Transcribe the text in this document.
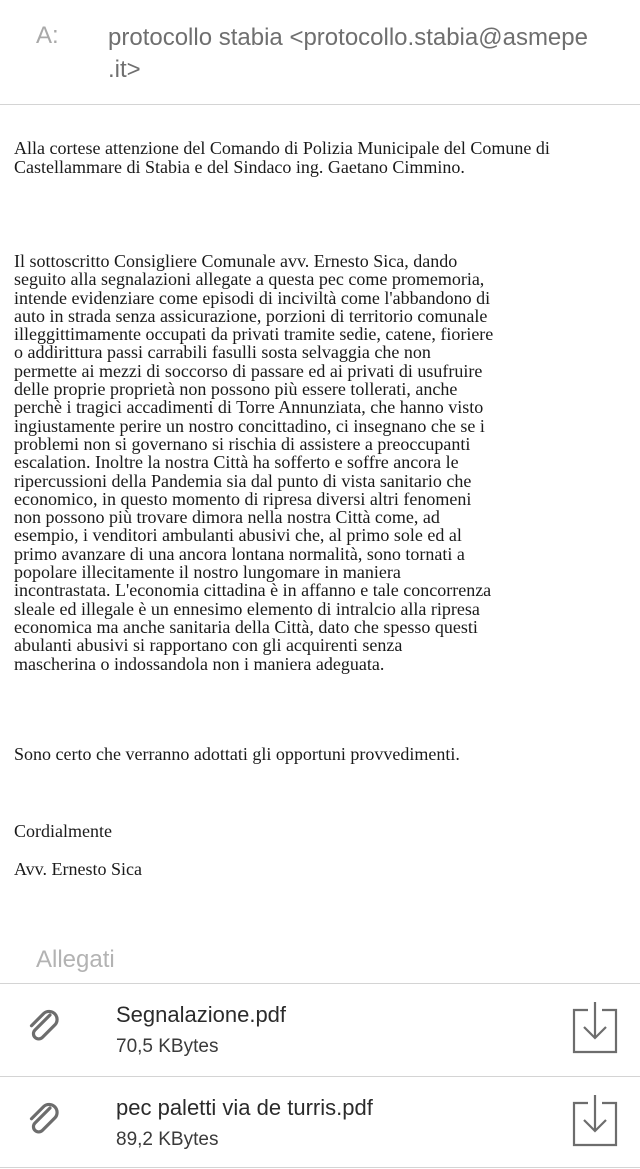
A: protocollo stabia <protocollo.stabia@asmepe
.it>
Alla cortese attenzione del Comando di Polizia Municipale del Comune di Castellammare di Stabia e del Sindaco ing. Gaetano Cimmino.
Il sottoscritto Consigliere Comunale avv. Ernesto Sica, dando
seguito alla segnalazioni allegate a questa pec come promemoria,
intende evidenziare come episodi di inciviltà come l'abbandono di
auto in strada senza assicurazione, porzioni di territorio comunale
illeggittimamente occupati da privati tramite sedie, catene, fioriere
o addirittura passi carrabili fasulli sosta selvaggia che non
permette ai mezzi di soccorso di passare ed ai privati di usufruire
delle proprie proprietà non possono più essere tollerati, anche
perchè i tragici accadimenti di Torre Annunziata, che hanno visto
ingiustamente perire un nostro concittadino, ci insegnano che se i
problemi non si governano si rischia di assistere a preoccupanti
escalation. Inoltre la nostra Città ha sofferto e soffre ancora le
ripercussioni della Pandemia sia dal punto di vista sanitario che
economico, in questo momento di ripresa diversi altri fenomeni
non possono più trovare dimora nella nostra Città come, ad
esempio, i venditori ambulanti abusivi che, al primo sole ed al
primo avanzare di una ancora lontana normalità, sono tornati a
popolare illecitamente il nostro lungomare in maniera
incontrastata. L'economia cittadina è in affanno e tale concorrenza
sleale ed illegale è un ennesimo elemento di intralcio alla ripresa
economica ma anche sanitaria della Città, dato che spesso questi
abulanti abusivi si rapportano con gli acquirenti senza
mascherina o indossandola non i maniera adeguata.
Sono certo che verranno adottati gli opportuni provvedimenti.
Cordialmente
Avv. Ernesto Sica
Allegati
Segnalazione.pdf
70,5 KBytes
pec paletti via de turris.pdf
89,2 KBytes
